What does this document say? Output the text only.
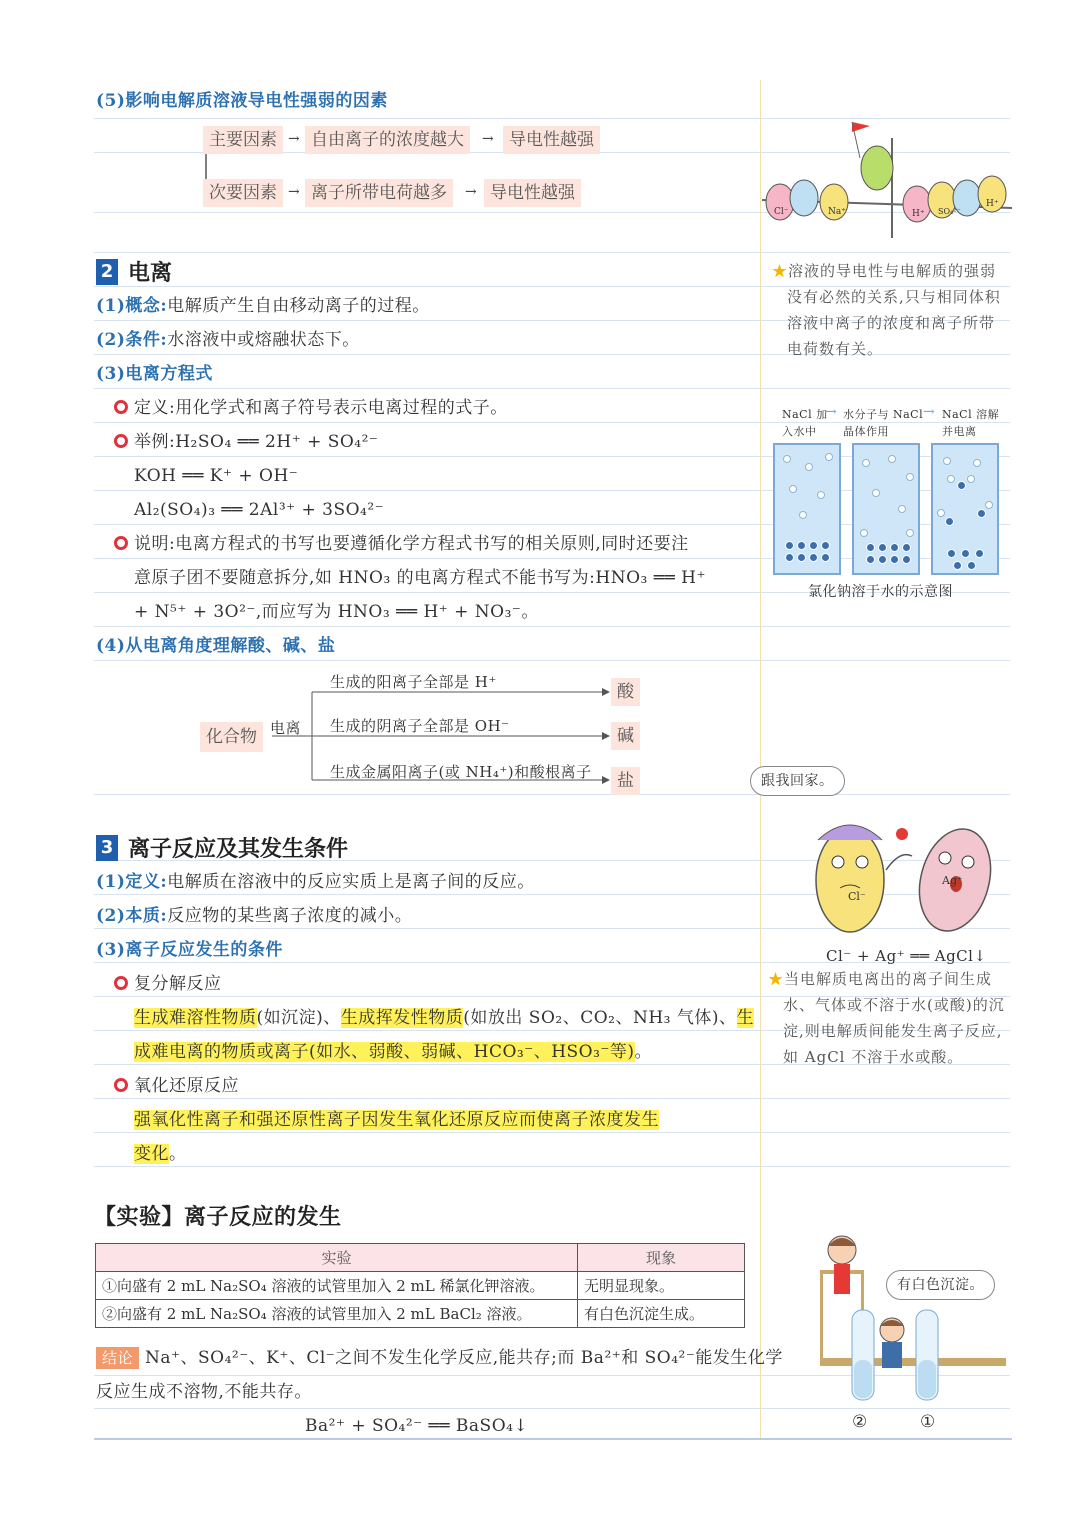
(5)影响电解质溶液导电性强弱的因素
主要因素 → 自由离子的浓度越大	→ 导电性越强
次要因素 → 离子所带电荷越多	→ 导电性越强
2 电离
(1)概念:电解质产生自由移动离子的过程。
(2)条件:水溶液中或熔融状态下。
(3)电离方程式
定义:用化学式和离子符号表示电离过程的式子。
举例:H₂SO₄ ══ 2H⁺ + SO₄²⁻
KOH ══ K⁺ + OH⁻
Al₂(SO₄)₃ ══ 2Al³⁺ + 3SO₄²⁻
说明:电离方程式的书写也要遵循化学方程式书写的相关原则,同时还要注
意原子团不要随意拆分,如 HNO₃ 的电离方程式不能书写为:HNO₃ ══ H⁺
+ N⁵⁺ + 3O²⁻,而应写为 HNO₃ ══ H⁺ + NO₃⁻。
(4)从电离角度理解酸、碱、盐
化合物 电离
生成的阳离子全部是 H⁺
生成的阴离子全部是 OH⁻
生成金属阳离子(或 NH₄⁺)和酸根离子
酸
碱
盐
3 离子反应及其发生条件
(1)定义:电解质在溶液中的反应实质上是离子间的反应。
(2)本质:反应物的某些离子浓度的减小。
(3)离子反应发生的条件
复分解反应
生成难溶性物质(如沉淀)、生成挥发性物质(如放出 SO₂、CO₂、NH₃ 气体)、生
成难电离的物质或离子(如水、弱酸、弱碱、HCO₃⁻、HSO₃⁻等)。
氧化还原反应
强氧化性离子和强还原性离子因发生氧化还原反应而使离子浓度发生
变化。
【实验】离子反应的发生
实验	现象
①向盛有 2 mL Na₂SO₄ 溶液的试管里加入 2 mL 稀氯化钾溶液。	无明显现象。
②向盛有 2 mL Na₂SO₄ 溶液的试管里加入 2 mL BaCl₂ 溶液。	有白色沉淀生成。
结论 Na⁺、SO₄²⁻、K⁺、Cl⁻之间不发生化学反应,能共存;而 Ba²⁺和 SO₄²⁻能发生化学
反应生成不溶物,不能共存。
Ba²⁺ + SO₄²⁻ ══ BaSO₄↓
Cl⁻	Na⁺	H⁺ SO₄²⁻
H⁺
★溶液的导电性与电解质的强弱
没有必然的关系,只与相同体积
溶液中离子的浓度和离子所带
电荷数有关。
NaCl 加
入水中
水分子与 NaCl
晶体作用
NaCl 溶解
并电离
→	→
氯化钠溶于水的示意图
跟我回家。
Cl⁻
Ag⁺
Cl⁻ + Ag⁺ ══ AgCl↓
★当电解质电离出的离子间生成
水、气体或不溶于水(或酸)的沉
淀,则电解质间能发生离子反应,
如 AgCl 不溶于水或酸。
有白色沉淀。
②	①
